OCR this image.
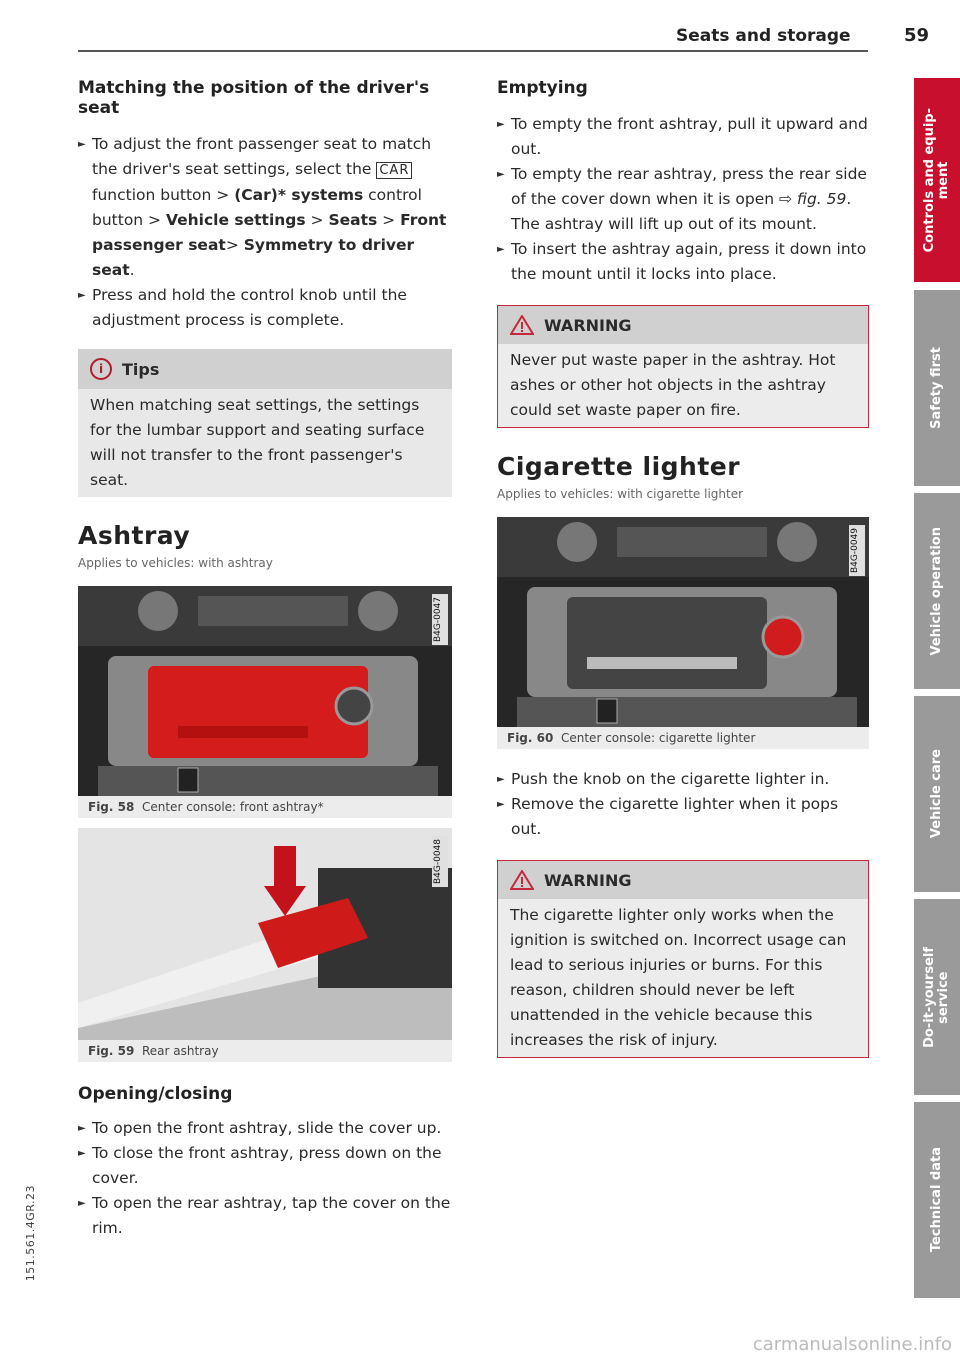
Seats and storage	59
Matching the position of the driver's seat

► To adjust the front passenger seat to match the driver's seat settings, select the CAR function button > (Car)* systems control button > Vehicle settings > Seats > Front passenger seat> Symmetry to driver seat.

► Press and hold the control knob until the adjustment process is complete.

i	Tips
When matching seat settings, the settings for the lumbar support and seating surface will not transfer to the front passenger's seat.
Ashtray
Applies to vehicles: with ashtray
B4G-0047
Fig. 58 Center console: front ashtray*
B4G-0048
Fig. 59 Rear ashtray
Opening/closing

► To open the front ashtray, slide the cover up.

► To close the front ashtray, press down on the cover.

► To open the rear ashtray, tap the cover on the rim.

Emptying

► To empty the front ashtray, pull it upward and out.

► To empty the rear ashtray, press the rear side of the cover down when it is open ⇨ fig. 59. The ashtray will lift up out of its mount.

► To insert the ashtray again, press it down into the mount until it locks into place.

WARNING
Never put waste paper in the ashtray. Hot ashes or other hot objects in the ashtray could set waste paper on fire.
Cigarette lighter
Applies to vehicles: with cigarette lighter
B4G-0049
Fig. 60 Center console: cigarette lighter

► Push the knob on the cigarette lighter in.

► Remove the cigarette lighter when it pops out.

WARNING
The cigarette lighter only works when the ignition is switched on. Incorrect usage can lead to serious injuries or burns. For this reason, children should never be left unattended in the vehicle because this increases the risk of injury.
Controls and equip-
ment
Safety first
Vehicle operation
Vehicle care
Do-it-yourself
service
Technical data
151.561.4GR.23
carmanualsonline.info
